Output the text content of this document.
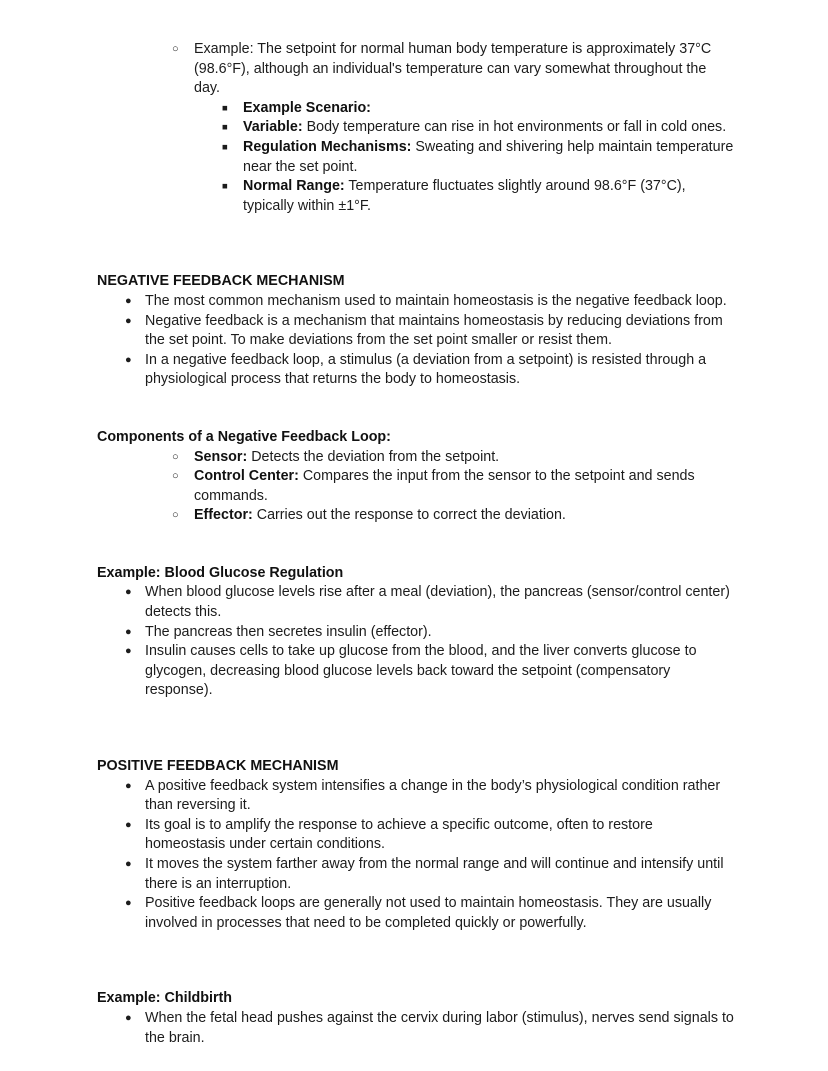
○	Example: The setpoint for normal human body temperature is approximately 37°C (98.6°F), although an individual's temperature can vary somewhat throughout the day.
■	Example Scenario:
■	Variable: Body temperature can rise in hot environments or fall in cold ones.
■	Regulation Mechanisms: Sweating and shivering help maintain temperature near the set point.
■	Normal Range: Temperature fluctuates slightly around 98.6°F (37°C), typically within ±1°F.
NEGATIVE FEEDBACK MECHANISM
● The most common mechanism used to maintain homeostasis is the negative feedback loop.
● Negative feedback is a mechanism that maintains homeostasis by reducing deviations from the set point. To make deviations from the set point smaller or resist them.
● In a negative feedback loop, a stimulus (a deviation from a setpoint) is resisted through a physiological process that returns the body to homeostasis.
Components of a Negative Feedback Loop:
○	Sensor: Detects the deviation from the setpoint.
○	Control Center: Compares the input from the sensor to the setpoint and sends commands.
○	Effector: Carries out the response to correct the deviation.
Example: Blood Glucose Regulation
● When blood glucose levels rise after a meal (deviation), the pancreas (sensor/control center) detects this.
● The pancreas then secretes insulin (effector).
● Insulin causes cells to take up glucose from the blood, and the liver converts glucose to glycogen, decreasing blood glucose levels back toward the setpoint (compensatory response).
POSITIVE FEEDBACK MECHANISM
● A positive feedback system intensifies a change in the body’s physiological condition rather than reversing it.
● Its goal is to amplify the response to achieve a specific outcome, often to restore homeostasis under certain conditions.
● It moves the system farther away from the normal range and will continue and intensify until there is an interruption.
● Positive feedback loops are generally not used to maintain homeostasis. They are usually involved in processes that need to be completed quickly or powerfully.
Example: Childbirth
● When the fetal head pushes against the cervix during labor (stimulus), nerves send signals to the brain.
